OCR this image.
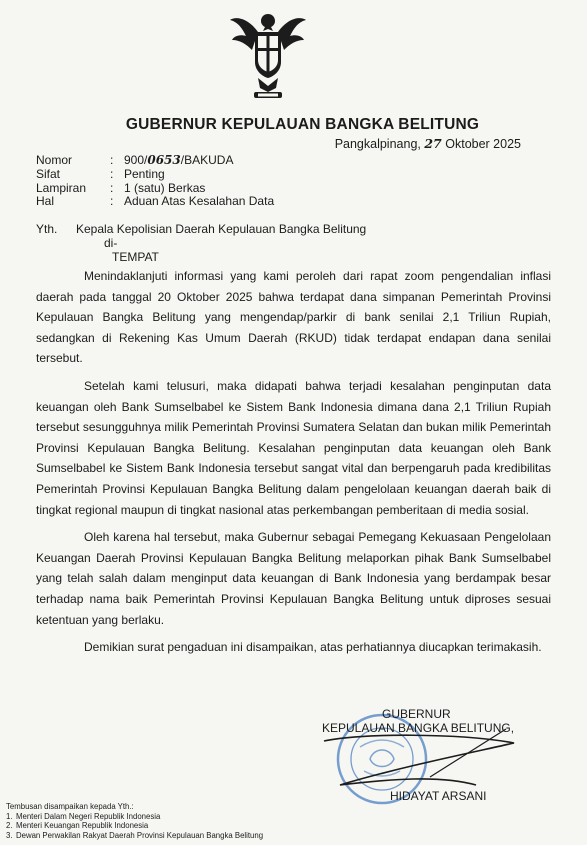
GUBERNUR KEPULAUAN BANGKA BELITUNG
Pangkalpinang, 27 Oktober 2025
Nomor	: 900/0653/BAKUDA
Sifat	: Penting
Lampiran	: 1 (satu) Berkas
Hal	: Aduan Atas Kesalahan Data
Yth.	Kepala Kepolisian Daerah Kepulauan Bangka Belitung
di-
TEMPAT

Menindaklanjuti informasi yang kami peroleh dari rapat zoom pengendalian inflasi daerah pada tanggal 20 Oktober 2025 bahwa terdapat dana simpanan Pemerintah Provinsi Kepulauan Bangka Belitung yang mengendap/parkir di bank senilai 2,1 Triliun Rupiah, sedangkan di Rekening Kas Umum Daerah (RKUD) tidak terdapat endapan dana senilai tersebut.

Setelah kami telusuri, maka didapati bahwa terjadi kesalahan penginputan data keuangan oleh Bank Sumselbabel ke Sistem Bank Indonesia dimana dana 2,1 Triliun Rupiah tersebut sesungguhnya milik Pemerintah Provinsi Sumatera Selatan dan bukan milik Pemerintah Provinsi Kepulauan Bangka Belitung. Kesalahan penginputan data keuangan oleh Bank Sumselbabel ke Sistem Bank Indonesia tersebut sangat vital dan berpengaruh pada kredibilitas Pemerintah Provinsi Kepulauan Bangka Belitung dalam pengelolaan keuangan daerah baik di tingkat regional maupun di tingkat nasional atas perkembangan pemberitaan di media sosial.

Oleh karena hal tersebut, maka Gubernur sebagai Pemegang Kekuasaan Pengelolaan Keuangan Daerah Provinsi Kepulauan Bangka Belitung melaporkan pihak Bank Sumselbabel yang telah salah dalam menginput data keuangan di Bank Indonesia yang berdampak besar terhadap nama baik Pemerintah Provinsi Kepulauan Bangka Belitung untuk diproses sesuai ketentuan yang berlaku.

Demikian surat pengaduan ini disampaikan, atas perhatiannya diucapkan terimakasih.

GUBERNUR
KEPULAUAN BANGKA BELITUNG,
HIDAYAT ARSANI
Tembusan disampaikan kepada Yth.:
1. Menteri Dalam Negeri Republik Indonesia
2. Menteri Keuangan Republik Indonesia
3. Dewan Perwakilan Rakyat Daerah Provinsi Kepulauan Bangka Belitung
